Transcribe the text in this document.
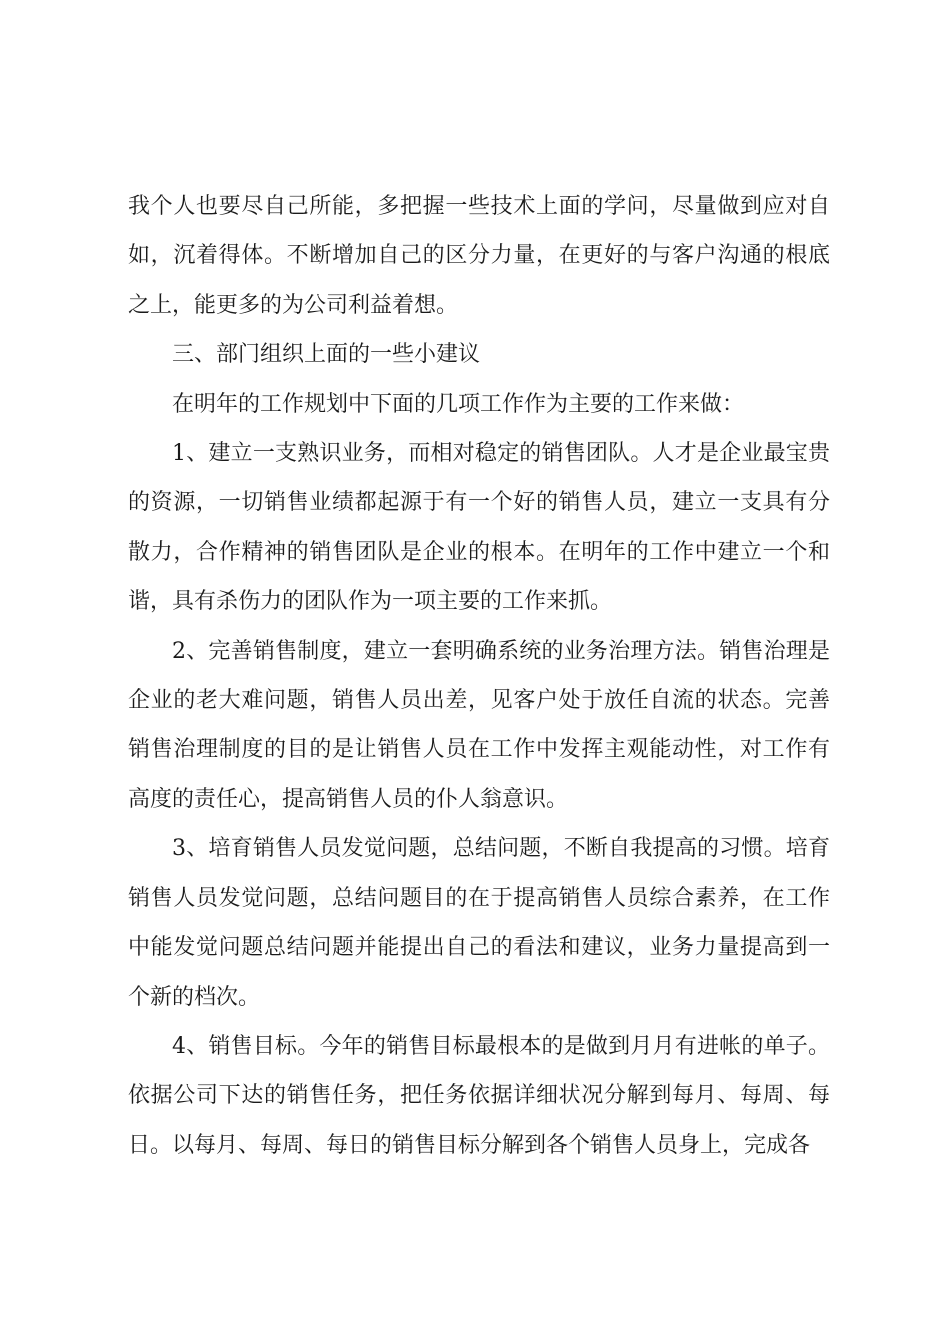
我个人也要尽自己所能，多把握一些技术上面的学问，尽量做到应对自如，沉着得体。不断增加自己的区分力量，在更好的与客户沟通的根底之上，能更多的为公司利益着想。

三、部门组织上面的一些小建议

在明年的工作规划中下面的几项工作作为主要的工作来做：

1、建立一支熟识业务，而相对稳定的销售团队。人才是企业最宝贵的资源，一切销售业绩都起源于有一个好的销售人员，建立一支具有分散力，合作精神的销售团队是企业的根本。在明年的工作中建立一个和谐，具有杀伤力的团队作为一项主要的工作来抓。

2、完善销售制度，建立一套明确系统的业务治理方法。销售治理是企业的老大难问题，销售人员出差，见客户处于放任自流的状态。完善销售治理制度的目的是让销售人员在工作中发挥主观能动性，对工作有高度的责任心，提高销售人员的仆人翁意识。

3、培育销售人员发觉问题，总结问题，不断自我提高的习惯。培育销售人员发觉问题，总结问题目的在于提高销售人员综合素养，在工作中能发觉问题总结问题并能提出自己的看法和建议，业务力量提高到一个新的档次。

4、销售目标。今年的销售目标最根本的是做到月月有进帐的单子。依据公司下达的销售任务，把任务依据详细状况分解到每月、每周、每日。以每月、每周、每日的销售目标分解到各个销售人员身上，完成各
